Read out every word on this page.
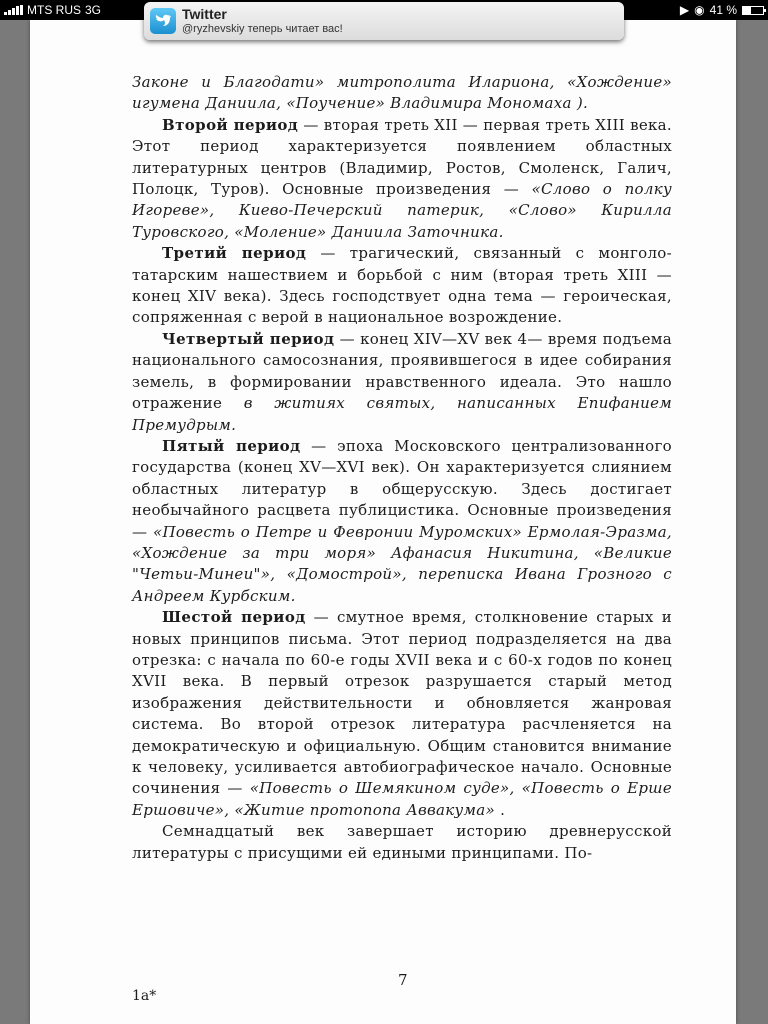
MTS RUS 3G	▶ ◉ 41 %
Twitter
@ryzhevskiy теперь читает вас!

Законе и Благодати» митрополита Илариона, «Хождение» игумена Даниила, «Поучение» Владимира Мономаха ).

Второй период — вторая треть XII — первая треть XIII века. Этот период характеризуется появлением областных литературных центров (Владимир, Ростов, Смоленск, Галич, Полоцк, Туров). Основные произведения — «Слово о полку Игореве», Киево-Печерский патерик, «Слово» Кирилла Туровского, «Моление» Даниила Заточника.

Третий период — трагический, связанный с монголо-татарским нашествием и борьбой с ним (вторая треть XIII — конец XIV века). Здесь господствует одна тема — героическая, сопряженная с верой в национальное возрождение.

Четвертый период — конец XIV—XV век 4— время подъема национального самосознания, проявившегося в идее собирания земель, в формировании нравственного идеала. Это нашло отражение в житиях святых, написанных Епифанием Премудрым.

Пятый период — эпоха Московского централизованного государства (конец XV—XVI век). Он характеризуется слиянием областных литератур в общерусскую. Здесь достигает необычайного расцвета публицистика. Основные произведения — «Повесть о Петре и Февронии Муромских» Ермолая-Эразма, «Хождение за три моря» Афанасия Никитина, «Великие "Четьи-Минеи"», «Домострой», переписка Ивана Грозного с Андреем Курбским.

Шестой период — смутное время, столкновение старых и новых принципов письма. Этот период подразделяется на два отрезка: с начала по 60-е годы XVII века и с 60-х годов по конец XVII века. В первый отрезок разрушается старый метод изображения действительности и обновляется жанровая система. Во второй отрезок литература расчленяется на демократическую и официальную. Общим становится внимание к человеку, усиливается автобиографическое начало. Основные сочинения — «Повесть о Шемякином суде», «Повесть о Ерше Ершовиче», «Житие протопопа Аввакума» .

Семнадцатый век завершает историю древнерусской литературы с присущими ей едиными принципами. По-

7
1а*
